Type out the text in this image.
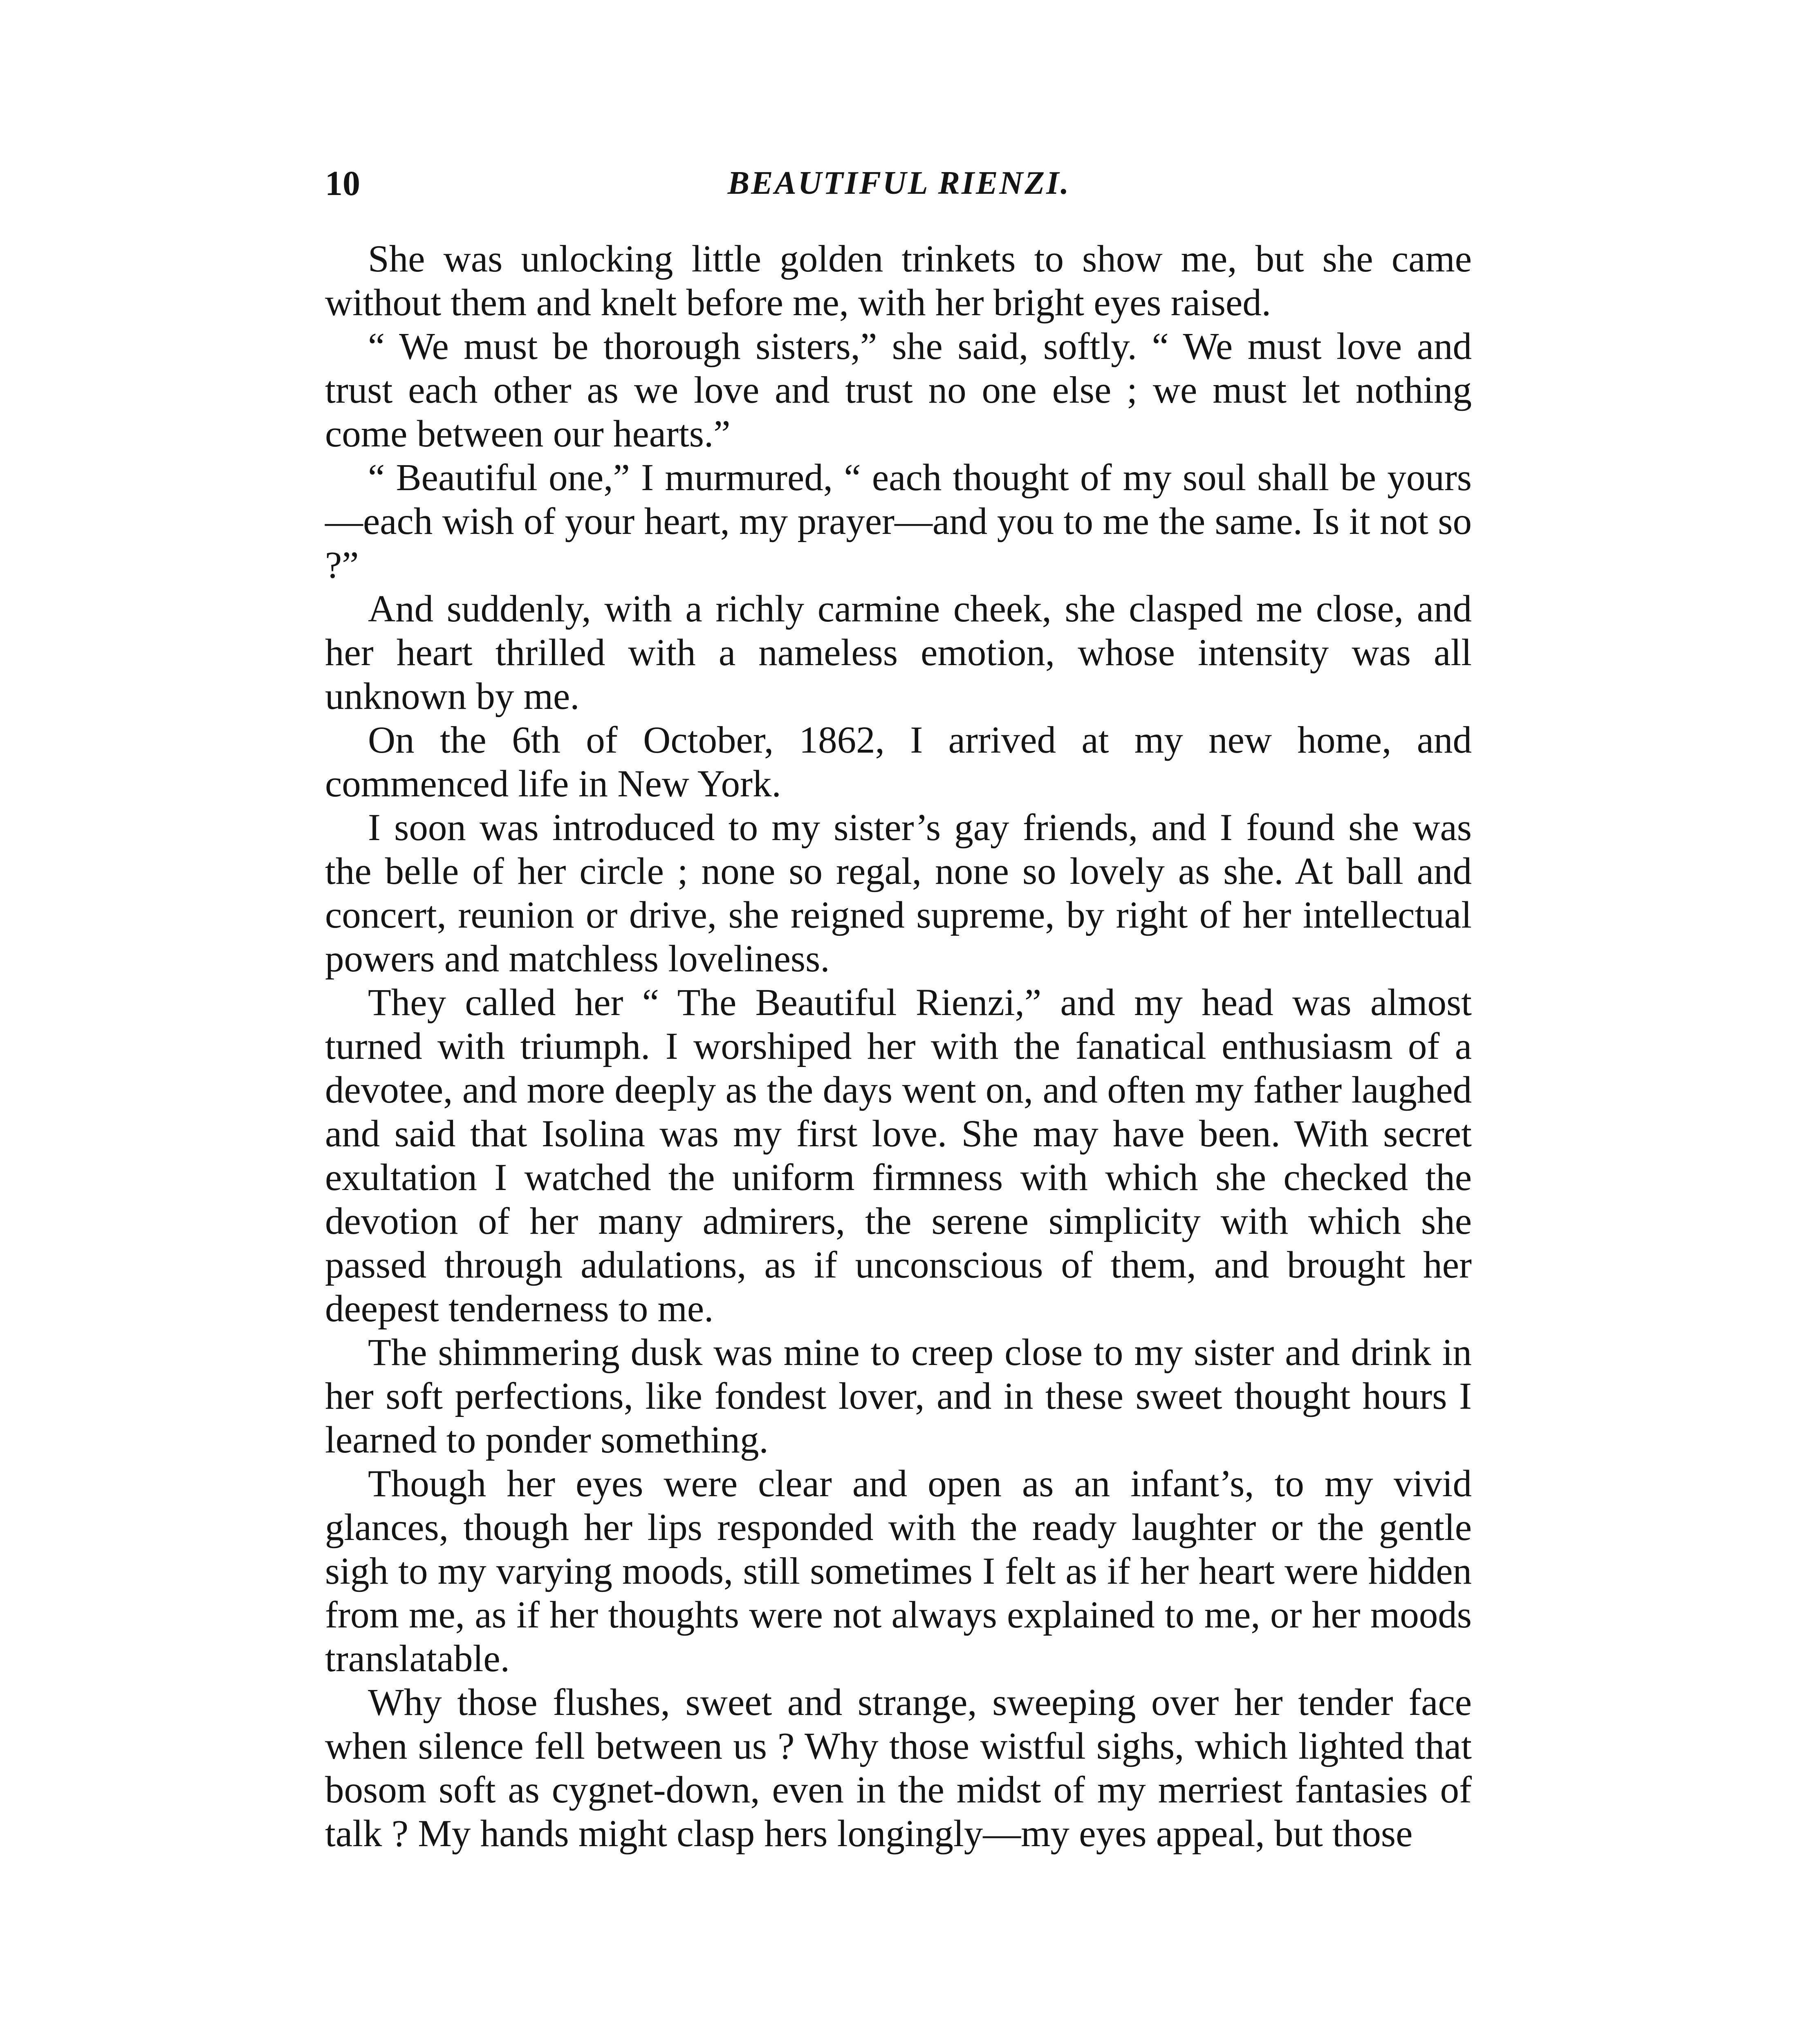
10	BEAUTIFUL RIENZI.

She was unlocking little golden trinkets to show me, but she came without them and knelt before me, with her bright eyes raised.

“ We must be thorough sisters,” she said, softly. “ We must love and trust each other as we love and trust no one else ; we must let nothing come between our hearts.”

“ Beautiful one,” I murmured, “ each thought of my soul shall be yours—each wish of your heart, my prayer—and you to me the same. Is it not so ?”

And suddenly, with a richly carmine cheek, she clasped me close, and her heart thrilled with a nameless emotion, whose intensity was all unknown by me.

On the 6th of October, 1862, I arrived at my new home, and commenced life in New York.

I soon was introduced to my sister’s gay friends, and I found she was the belle of her circle ; none so regal, none so lovely as she. At ball and concert, reunion or drive, she reigned supreme, by right of her intellectual powers and matchless loveliness.

They called her “ The Beautiful Rienzi,” and my head was almost turned with triumph. I worshiped her with the fanatical enthusiasm of a devotee, and more deeply as the days went on, and often my father laughed and said that Isolina was my first love. She may have been. With secret exultation I watched the uniform firmness with which she checked the devotion of her many admirers, the serene simplicity with which she passed through adulations, as if unconscious of them, and brought her deepest tenderness to me.

The shimmering dusk was mine to creep close to my sister and drink in her soft perfections, like fondest lover, and in these sweet thought hours I learned to ponder something.

Though her eyes were clear and open as an infant’s, to my vivid glances, though her lips responded with the ready laughter or the gentle sigh to my varying moods, still sometimes I felt as if her heart were hidden from me, as if her thoughts were not always explained to me, or her moods translatable.

Why those flushes, sweet and strange, sweeping over her tender face when silence fell between us ? Why those wistful sighs, which lighted that bosom soft as cygnet-down, even in the midst of my merriest fantasies of talk ? My hands might clasp hers longingly—my eyes appeal, but those
